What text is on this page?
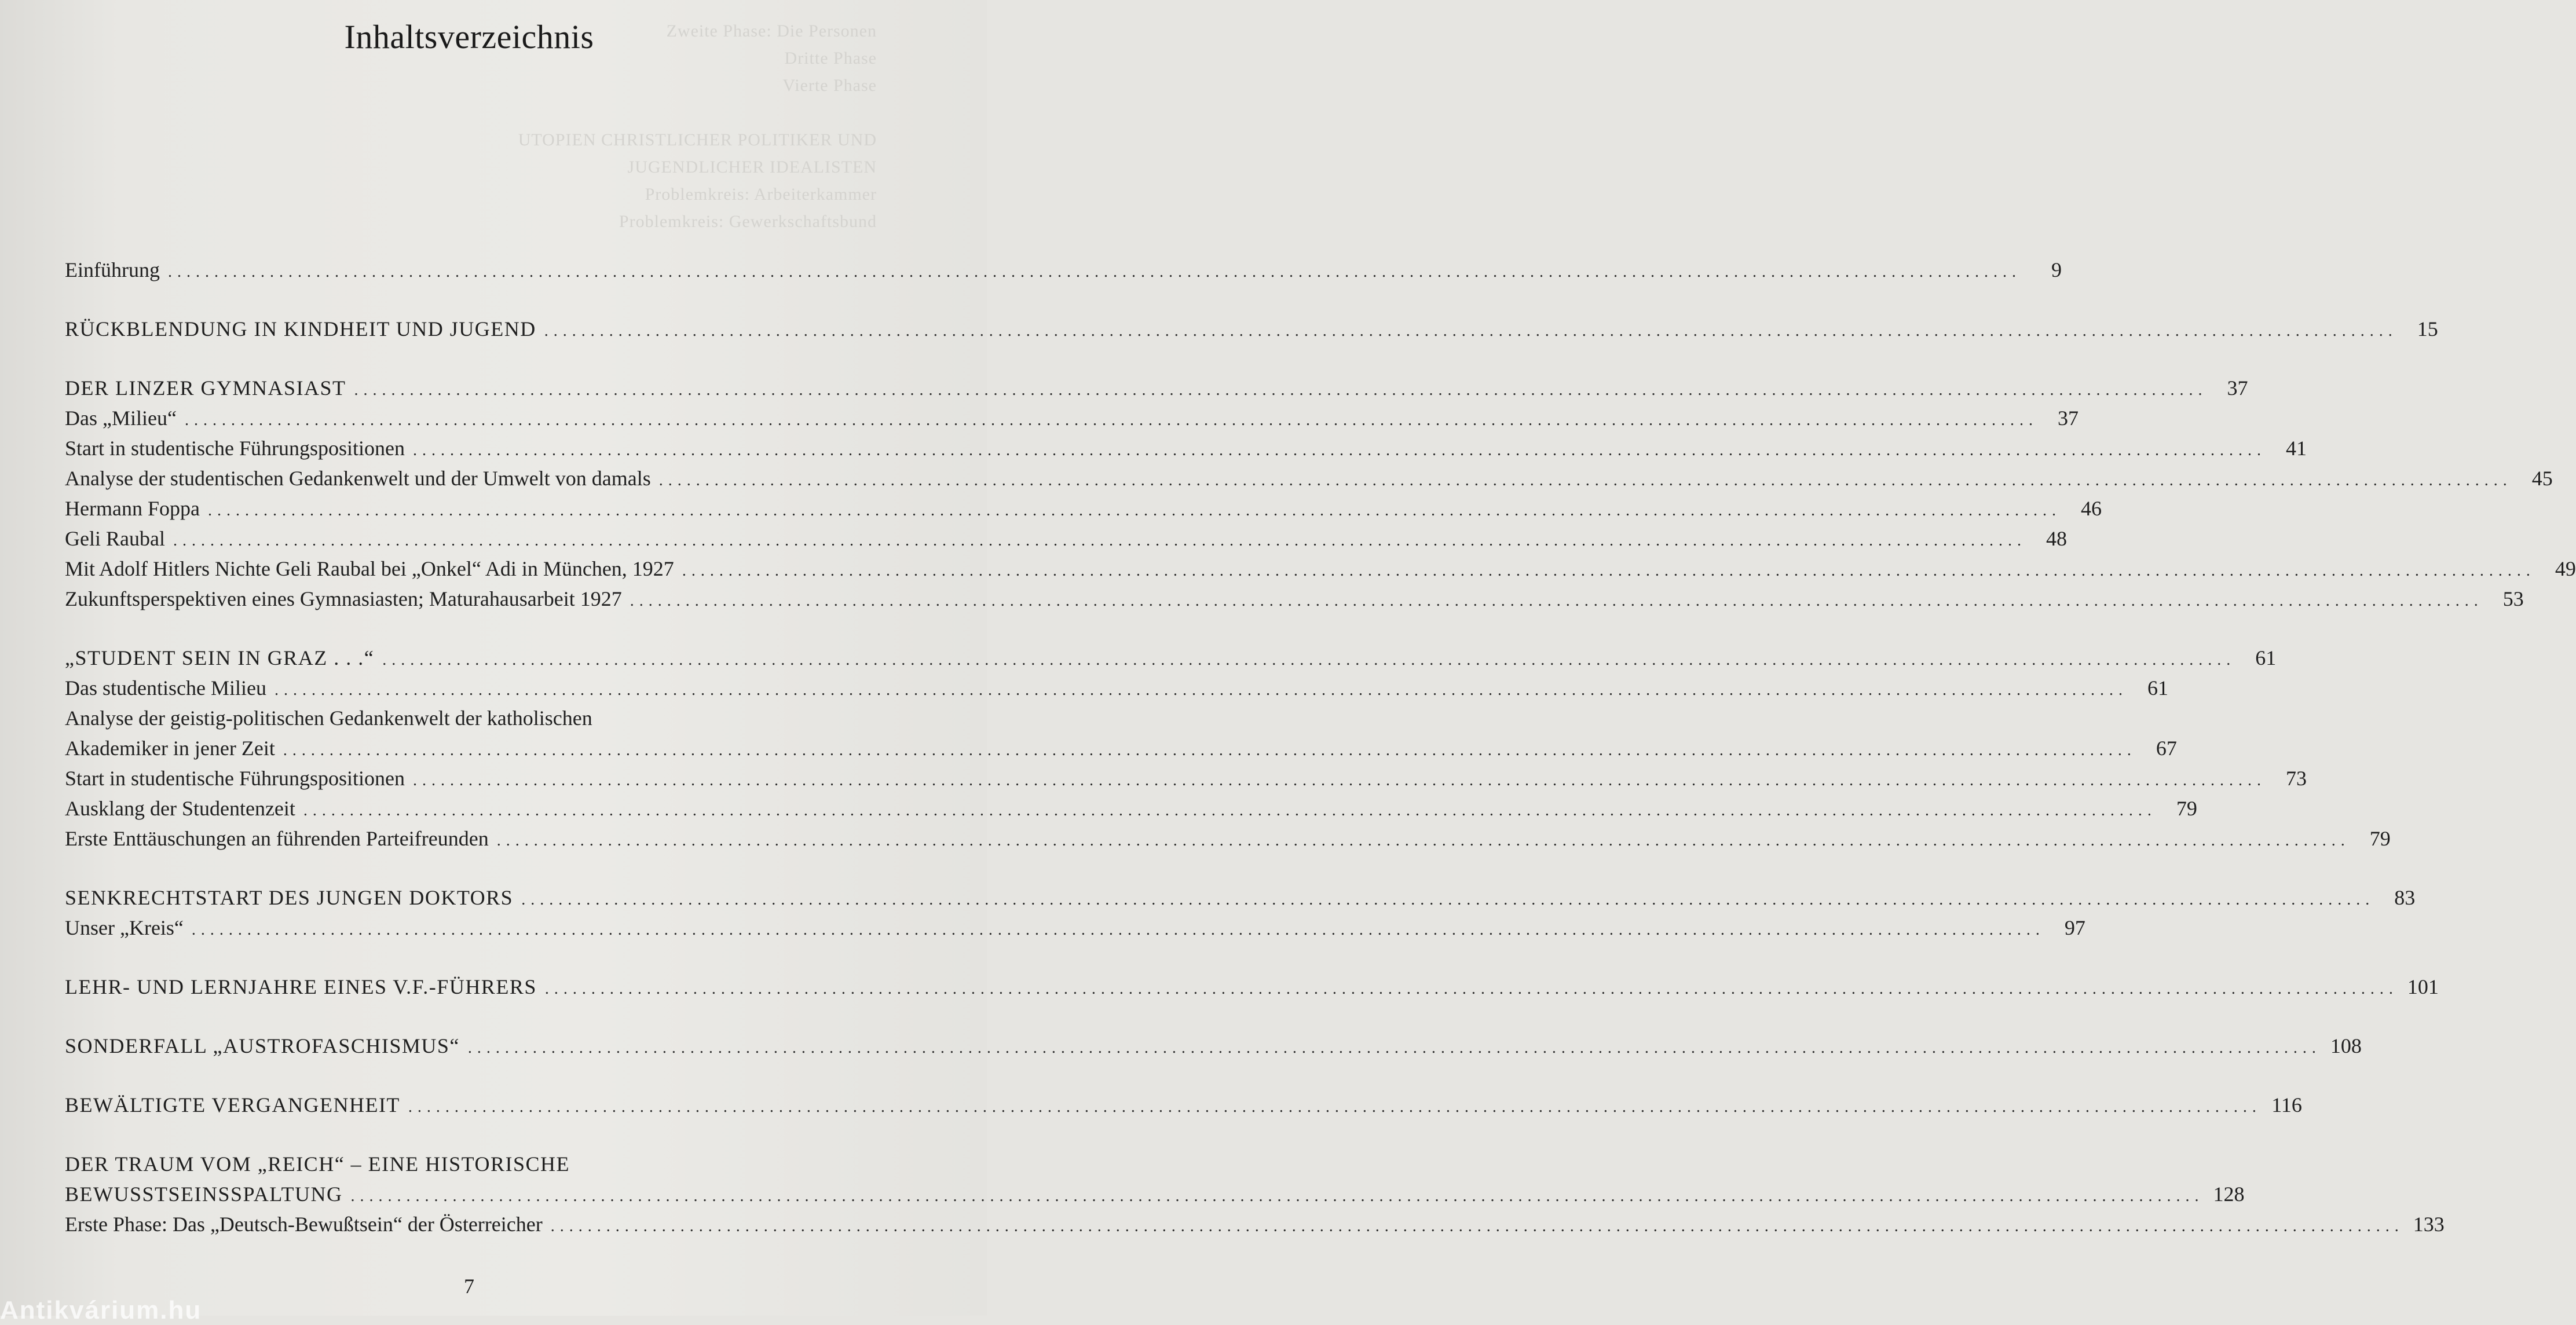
Zweite Phase: Die Personen
Dritte Phase
Vierte Phase

UTOPIEN CHRISTLICHER POLITIKER UND
JUGENDLICHER IDEALISTEN
Problemkreis: Arbeiterkammer
Problemkreis: Gewerkschaftsbund
Inhaltsverzeichnis
Einführung ........................................................................................................................................................................................................	9
RÜCKBLENDUNG IN KINDHEIT UND JUGEND ........................................................................................................................................................................................................ 15
DER LINZER GYMNASIAST ........................................................................................................................................................................................................ 37
Das „Milieu“ ........................................................................................................................................................................................................ 37
Start in studentische Führungspositionen ........................................................................................................................................................................................................ 41
Analyse der studentischen Gedankenwelt und der Umwelt von damals ........................................................................................................................................................................................................ 45
Hermann Foppa ........................................................................................................................................................................................................ 46
Geli Raubal ........................................................................................................................................................................................................ 48
Mit Adolf Hitlers Nichte Geli Raubal bei „Onkel“ Adi in München, 1927 ........................................................................................................................................................................................................ 49
Zukunftsperspektiven eines Gymnasiasten; Maturahausarbeit 1927 ........................................................................................................................................................................................................ 53
„STUDENT SEIN IN GRAZ . . .“ ........................................................................................................................................................................................................ 61
Das studentische Milieu ........................................................................................................................................................................................................ 61
Analyse der geistig-politischen Gedankenwelt der katholischen
Akademiker in jener Zeit ........................................................................................................................................................................................................ 67
Start in studentische Führungspositionen ........................................................................................................................................................................................................ 73
Ausklang der Studentenzeit ........................................................................................................................................................................................................ 79
Erste Enttäuschungen an führenden Parteifreunden ........................................................................................................................................................................................................ 79
SENKRECHTSTART DES JUNGEN DOKTORS ........................................................................................................................................................................................................ 83
Unser „Kreis“ ........................................................................................................................................................................................................ 97
LEHR- UND LERNJAHRE EINES V.F.-FÜHRERS ........................................................................................................................................................................................................ 101
SONDERFALL „AUSTROFASCHISMUS“ ........................................................................................................................................................................................................ 108
BEWÄLTIGTE VERGANGENHEIT ........................................................................................................................................................................................................ 116
DER TRAUM VOM „REICH“ – EINE HISTORISCHE
BEWUSSTSEINSSPALTUNG ........................................................................................................................................................................................................ 128
Erste Phase: Das „Deutsch-Bewußtsein“ der Österreicher ........................................................................................................................................................................................................ 133
7
Antikvárium.hu
